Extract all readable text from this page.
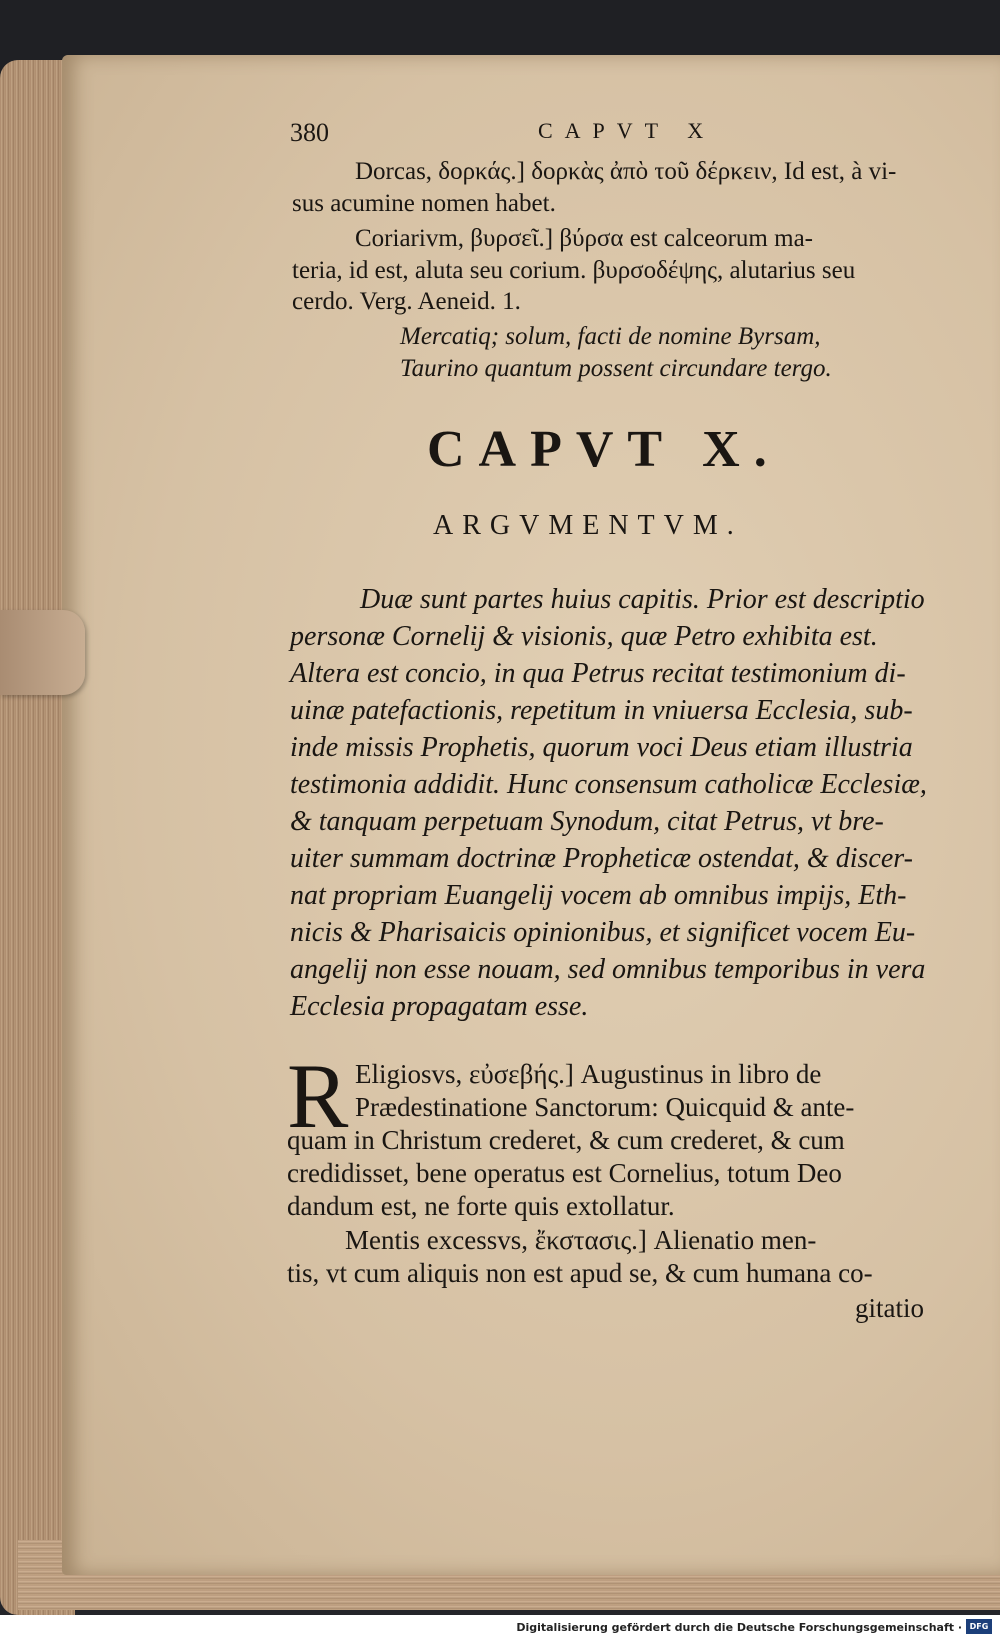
380	CAPVT X
Dorcas, δορκάς.] δορκὰς ἀπὸ τοῦ δέρκειν, Id est, à vi-
sus acumine nomen habet.
Coriarivm, βυρσεῖ.] βύρσα est calceorum ma-
teria, id est, aluta seu corium. βυρσοδέψης, alutarius seu
cerdo. Verg. Aeneid. 1.
Mercatiq; solum, facti de nomine Byrsam,
Taurino quantum possent circundare tergo.
CAPVT X.
ARGVMENTVM.
Duæ sunt partes huius capitis. Prior est descriptio
personæ Cornelij & visionis, quæ Petro exhibita est.
Altera est concio, in qua Petrus recitat testimonium di-
uinæ patefactionis, repetitum in vniuersa Ecclesia, sub-
inde missis Prophetis, quorum voci Deus etiam illustria
testimonia addidit. Hunc consensum catholicæ Ecclesiæ,
& tanquam perpetuam Synodum, citat Petrus, vt bre-
uiter summam doctrinæ Propheticæ ostendat, & discer-
nat propriam Euangelij vocem ab omnibus impijs, Eth-
nicis & Pharisaicis opinionibus, et significet vocem Eu-
angelij non esse nouam, sed omnibus temporibus in vera
Ecclesia propagatam esse.
R Eligiosvs, εὐσεβής.] Augustinus in libro de
Prædestinatione Sanctorum: Quicquid & ante-
quam in Christum crederet, & cum crederet, & cum
credidisset, bene operatus est Cornelius, totum Deo
dandum est, ne forte quis extollatur.
Mentis excessvs, ἔκστασις.] Alienatio men-
tis, vt cum aliquis non est apud se, & cum humana co-
gitatio
Digitalisierung gefördert durch die Deutsche Forschungsgemeinschaft · DFG
